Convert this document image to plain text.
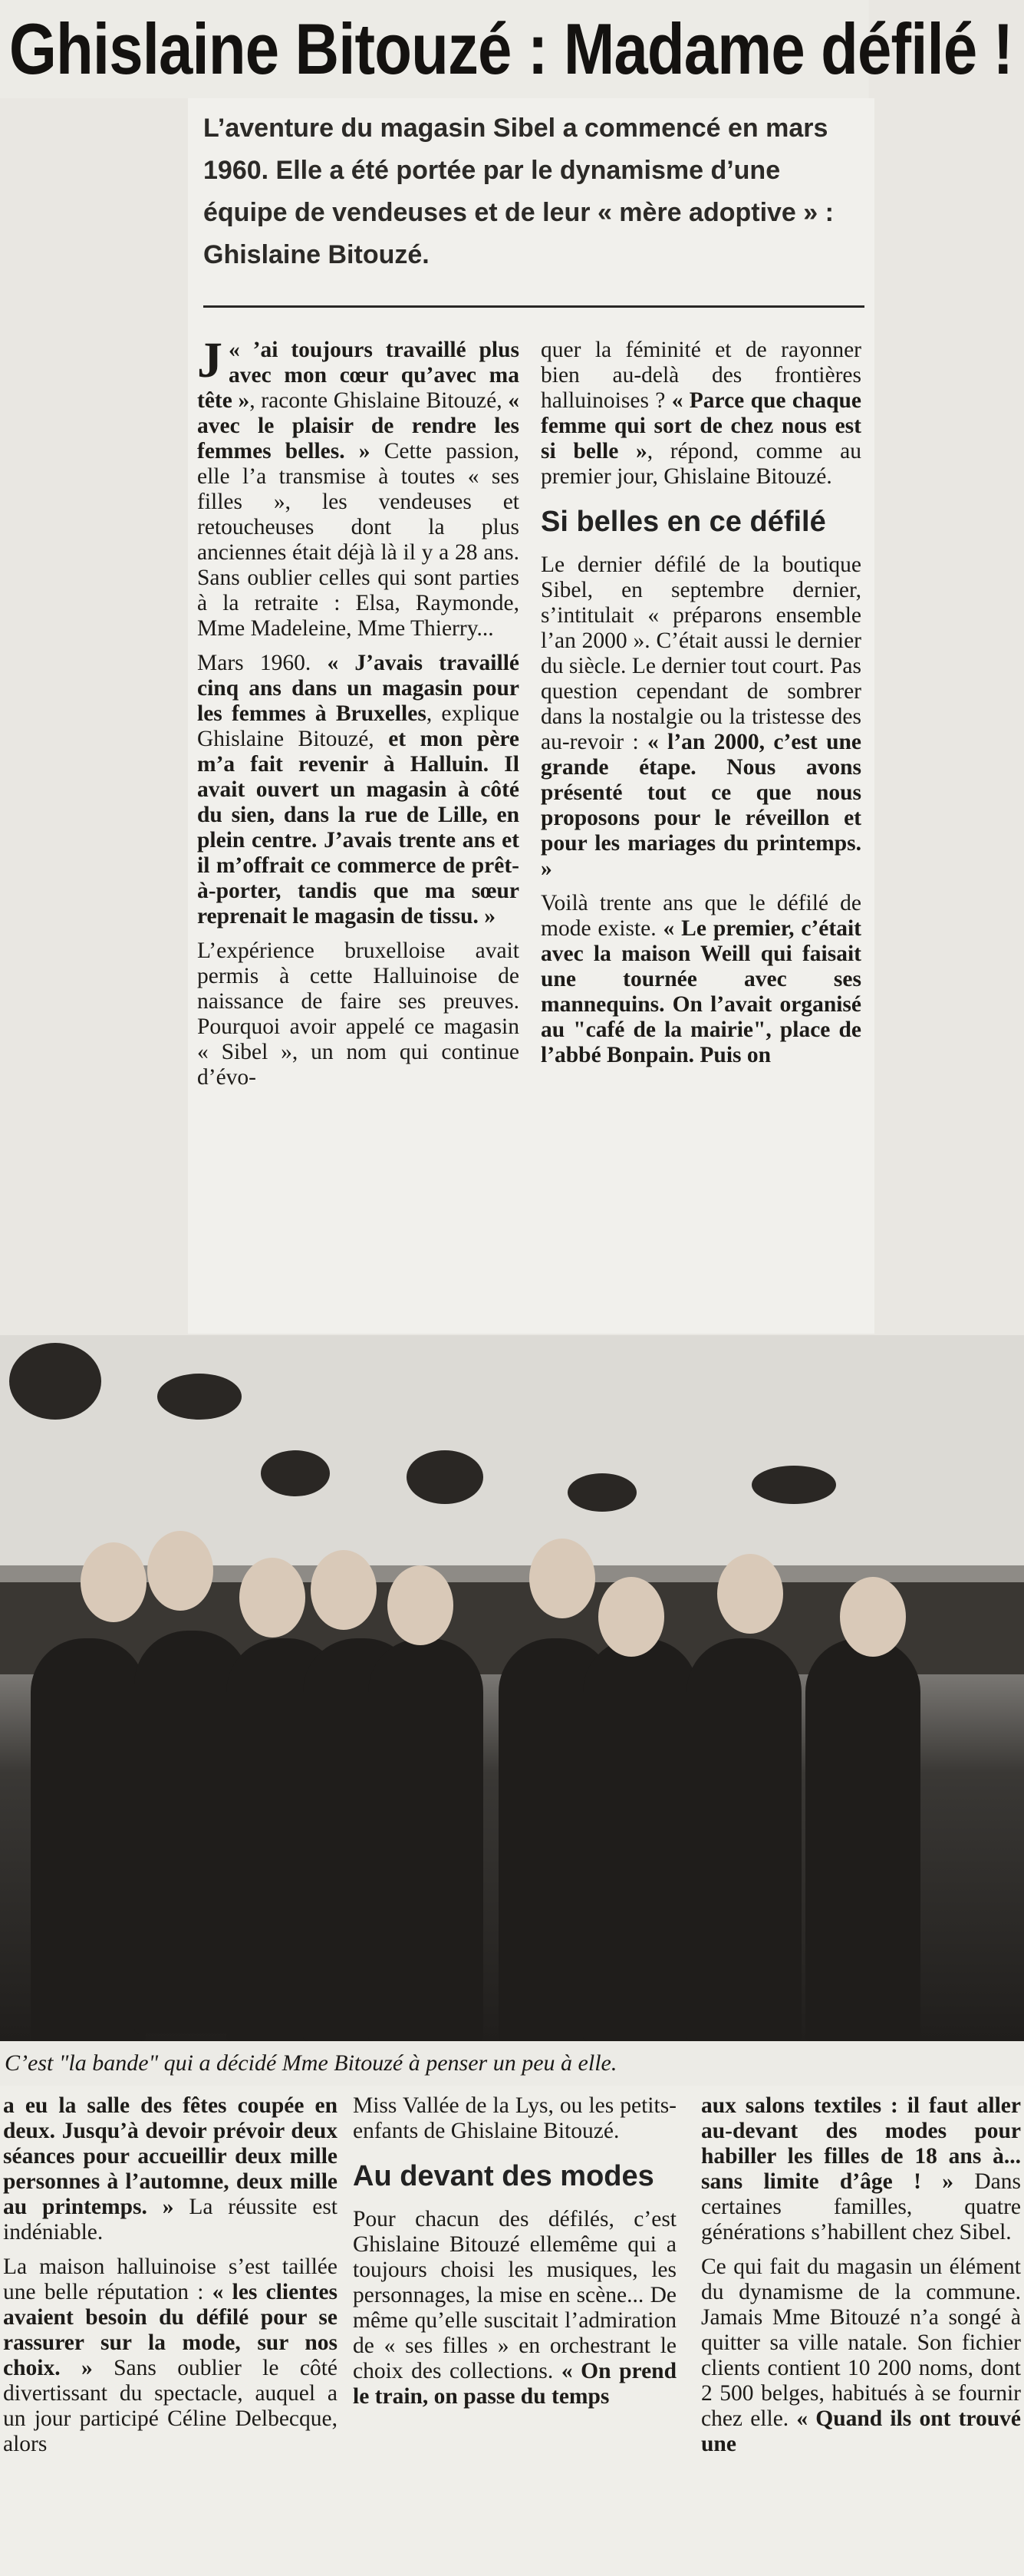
Ghislaine Bitouzé : Madame défilé !
L’aventure du magasin Sibel a commencé en mars 1960. Elle a été portée par le dynamisme d’une équipe de vendeuses et de leur « mère adoptive » : Ghislaine Bitouzé.

«
J ’ai toujours travaillé plus avec mon cœur qu’avec ma tête », raconte Ghislaine Bitouzé, « avec le plaisir de rendre les femmes belles. » Cette passion, elle l’a transmise à toutes « ses filles », les vendeuses et retoucheuses dont la plus anciennes était déjà là il y a 28 ans. Sans oublier celles qui sont parties à la retraite : Elsa, Raymonde, Mme Madeleine, Mme Thierry...

Mars 1960. « J’avais travaillé cinq ans dans un magasin pour les femmes à Bruxelles, explique Ghislaine Bitouzé, et mon père m’a fait revenir à Halluin. Il avait ouvert un magasin à côté du sien, dans la rue de Lille, en plein centre. J’avais trente ans et il m’offrait ce commerce de prêt-à-porter, tandis que ma sœur reprenait le magasin de tissu. »

L’expérience bruxelloise avait permis à cette Halluinoise de naissance de faire ses preuves. Pourquoi avoir appelé ce magasin « Sibel », un nom qui continue d’évo-

quer la féminité et de rayonner bien au-delà des frontières halluinoises ? « Parce que chaque femme qui sort de chez nous est si belle », répond, comme au premier jour, Ghislaine Bitouzé.

Si belles en ce défilé

Le dernier défilé de la boutique Sibel, en septembre dernier, s’intitulait « préparons ensemble l’an 2000 ». C’était aussi le dernier du siècle. Le dernier tout court. Pas question cependant de sombrer dans la nostalgie ou la tristesse des au-revoir : « l’an 2000, c’est une grande étape. Nous avons présenté tout ce que nous proposons pour le réveillon et pour les mariages du printemps. »

Voilà trente ans que le défilé de mode existe. « Le premier, c’était avec la maison Weill qui faisait une tournée avec ses mannequins. On l’avait organisé au "café de la mairie", place de l’abbé Bonpain. Puis on

C’est "la bande" qui a décidé Mme Bitouzé à penser un peu à elle.

a eu la salle des fêtes coupée en deux. Jusqu’à devoir prévoir deux séances pour accueillir deux mille personnes à l’automne, deux mille au printemps. » La réussite est indéniable.

La maison halluinoise s’est taillée une belle réputation : « les clientes avaient besoin du défilé pour se rassurer sur la mode, sur nos choix. » Sans oublier le côté divertissant du spectacle, auquel a un jour participé Céline Delbecque, alors

Miss Vallée de la Lys, ou les petits-enfants de Ghislaine Bitouzé.

Au devant des modes

Pour chacun des défilés, c’est Ghislaine Bitouzé ellemême qui a toujours choisi les musiques, les personnages, la mise en scène... De même qu’elle suscitait l’admiration de « ses filles » en orchestrant le choix des collections. « On prend le train, on passe du temps

aux salons textiles : il faut aller au-devant des modes pour habiller les filles de 18 ans à... sans limite d’âge ! » Dans certaines familles, quatre générations s’habillent chez Sibel.

Ce qui fait du magasin un élément du dynamisme de la commune. Jamais Mme Bitouzé n’a songé à quitter sa ville natale. Son fichier clients contient 10 200 noms, dont 2 500 belges, habitués à se fournir chez elle. « Quand ils ont trouvé une
